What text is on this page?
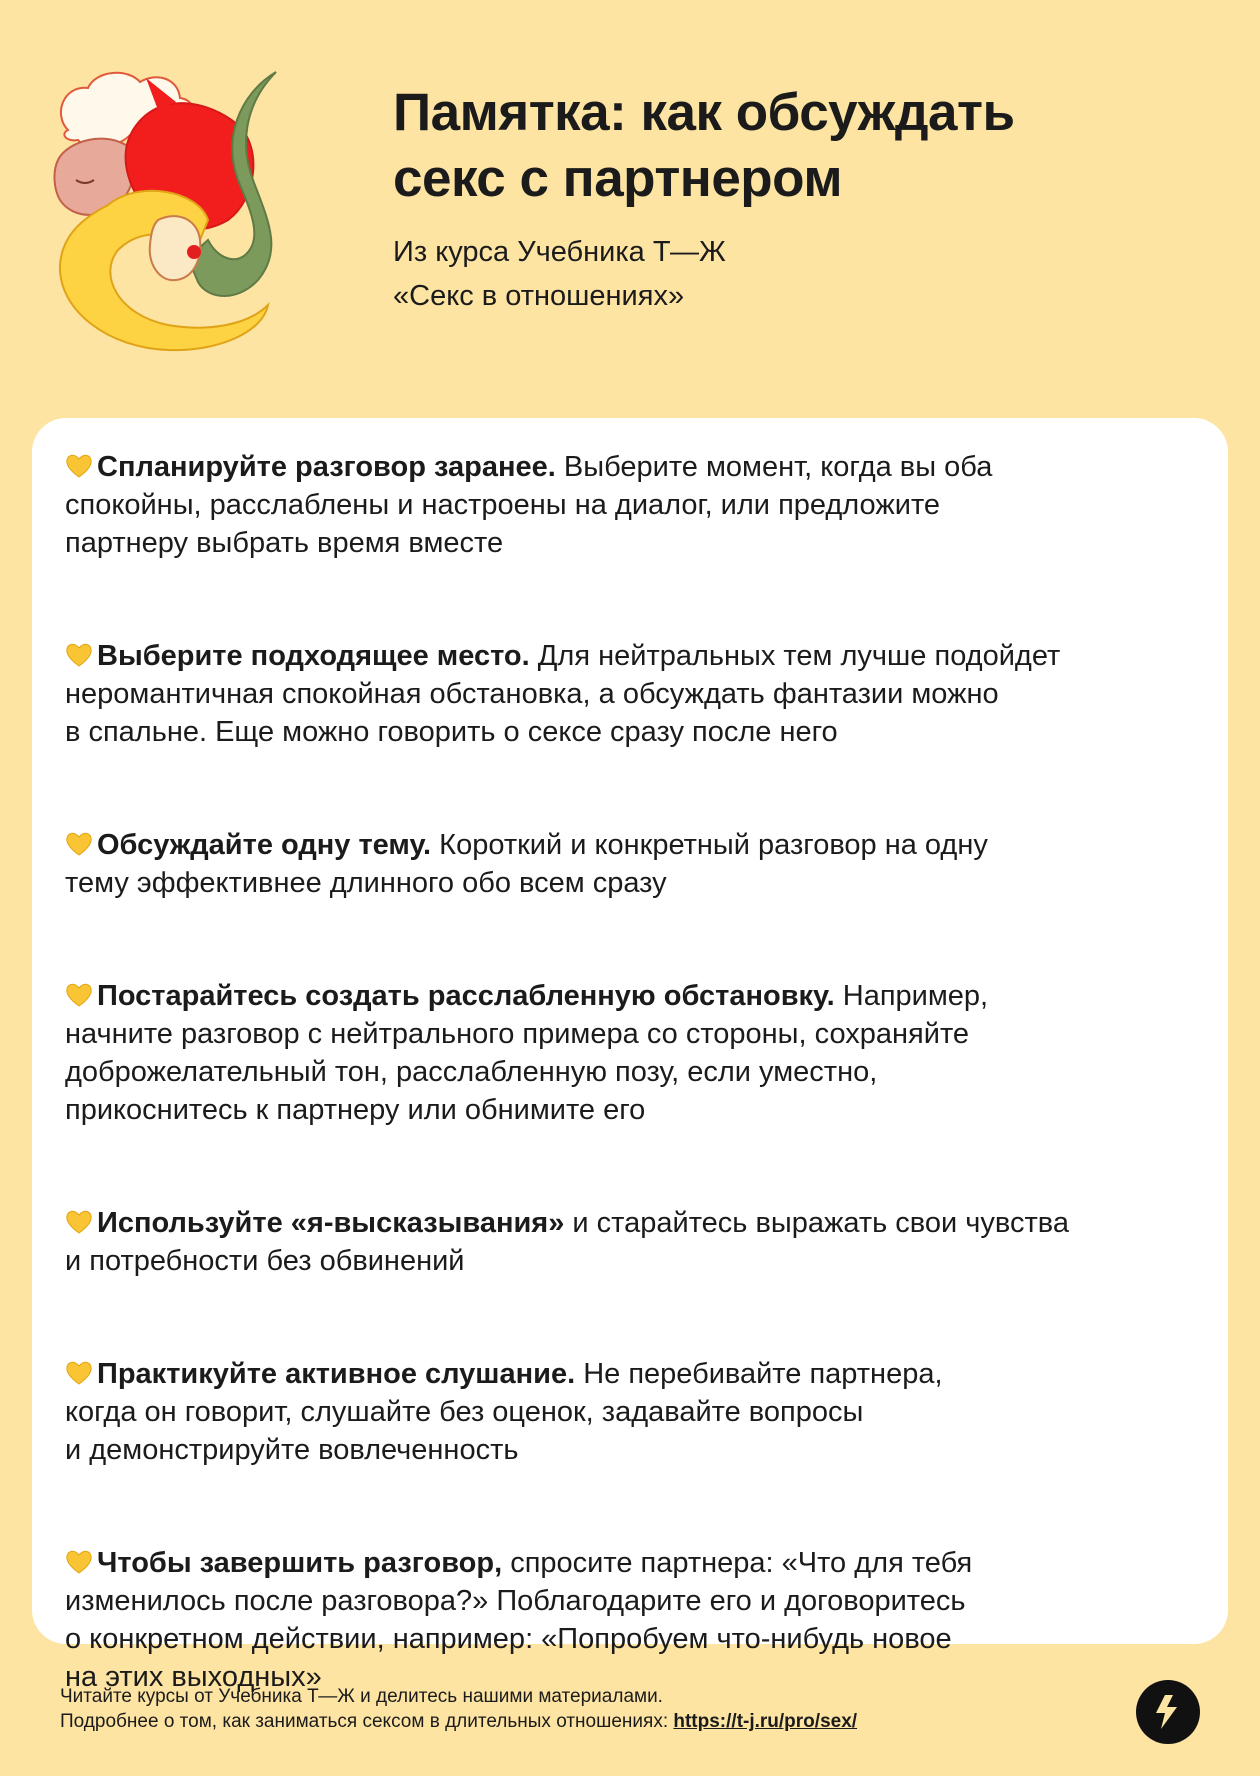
Памятка: как обсуждать
секс с партнером
Из курса Учебника Т—Ж
«Секс в отношениях»

Спланируйте разговор заранее. Выберите момент, когда вы оба
спокойны, расслаблены и настроены на диалог, или предложите
партнеру выбрать время вместе

Выберите подходящее место. Для нейтральных тем лучше подойдет
неромантичная спокойная обстановка, а обсуждать фантазии можно
в спальне. Еще можно говорить о сексе сразу после него

Обсуждайте одну тему. Короткий и конкретный разговор на одну
тему эффективнее длинного обо всем сразу

Постарайтесь создать расслабленную обстановку. Например,
начните разговор с нейтрального примера со стороны, сохраняйте
доброжелательный тон, расслабленную позу, если уместно,
прикоснитесь к партнеру или обнимите его

Используйте «я-высказывания» и старайтесь выражать свои чувства
и потребности без обвинений

Практикуйте активное слушание. Не перебивайте партнера,
когда он говорит, слушайте без оценок, задавайте вопросы
и демонстрируйте вовлеченность

Чтобы завершить разговор, спросите партнера: «Что для тебя
изменилось после разговора?» Поблагодарите его и договоритесь
о конкретном действии, например: «Попробуем что-нибудь новое
на этих выходных»

Читайте курсы от Учебника Т—Ж и делитесь нашими материалами.
Подробнее о том, как заниматься сексом в длительных отношениях: https://t-j.ru/pro/sex/
